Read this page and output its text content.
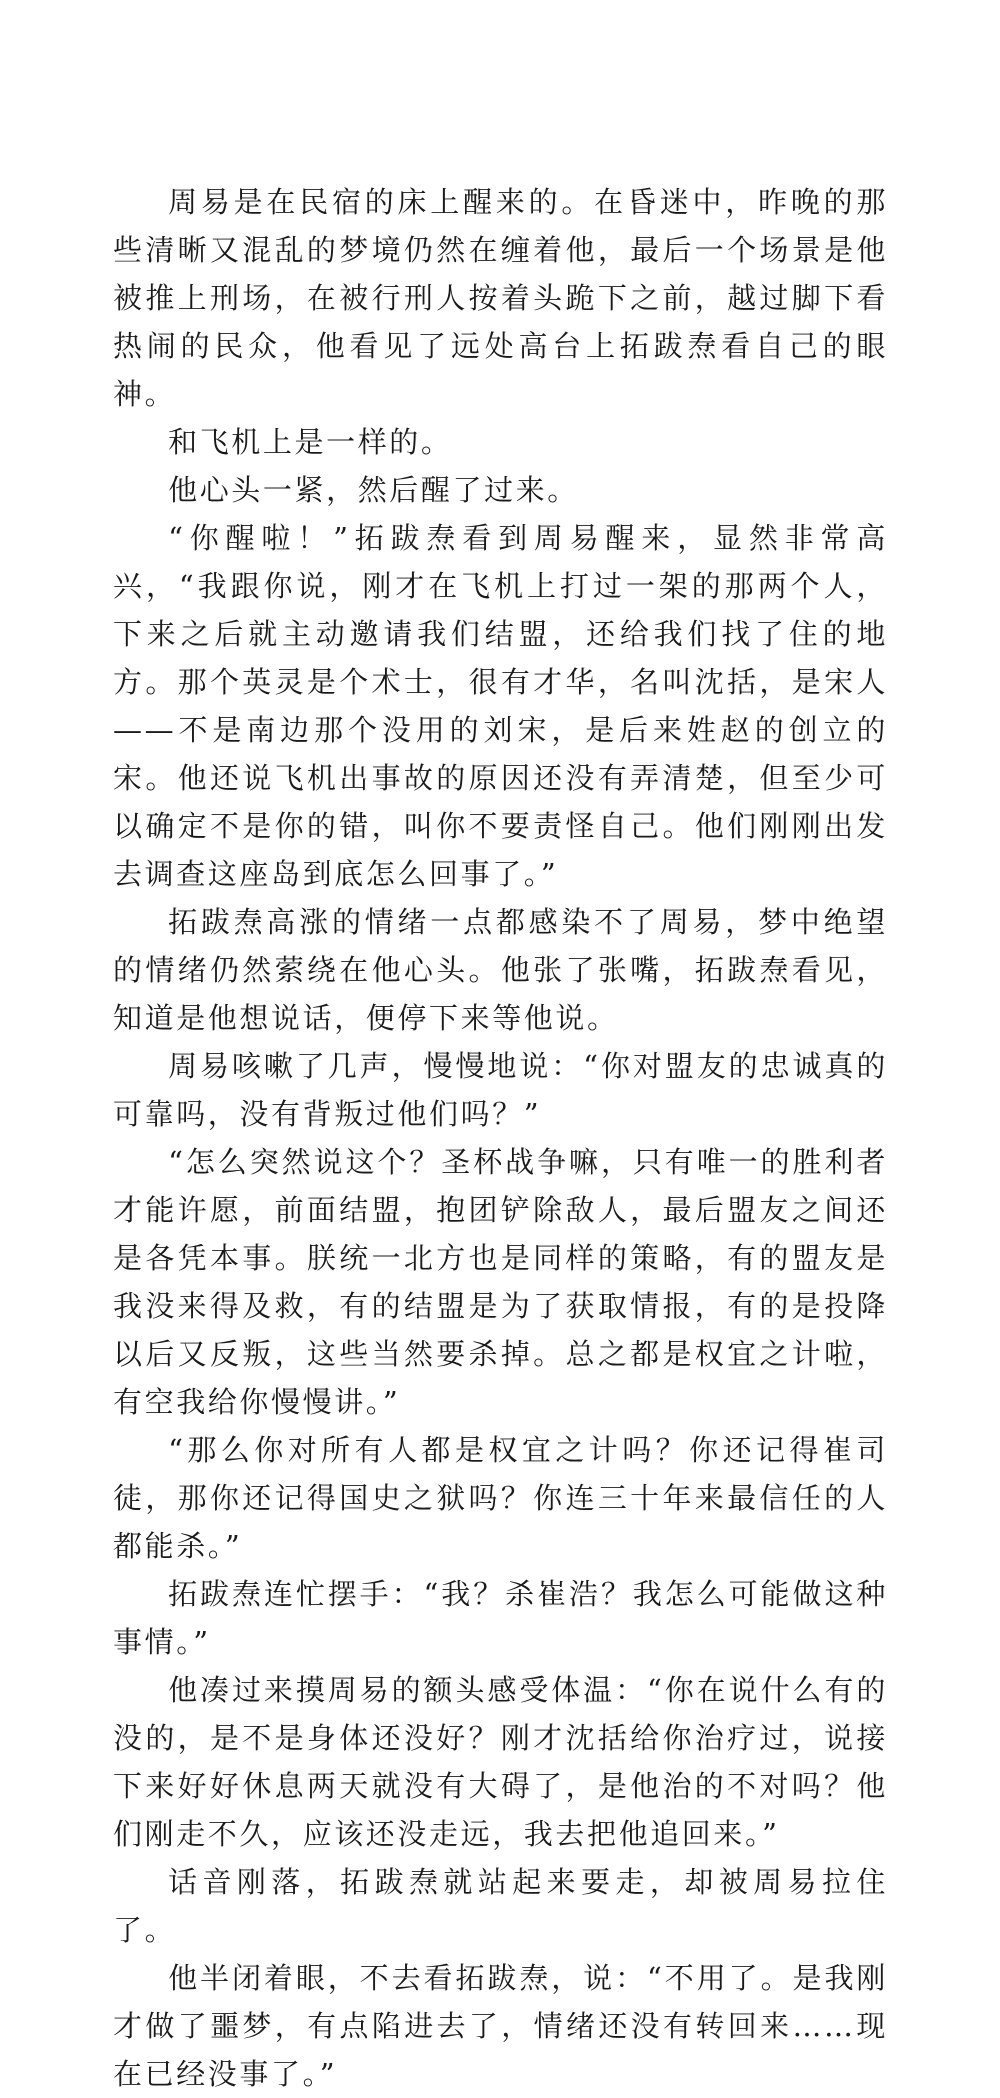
周易是在民宿的床上醒来的。在昏迷中，昨晚的那些清晰又混乱的梦境仍然在缠着他，最后一个场景是他被推上刑场，在被行刑人按着头跪下之前，越过脚下看热闹的民众，他看见了远处高台上拓跋焘看自己的眼神。

和飞机上是一样的。

他心头一紧，然后醒了过来。

“你醒啦！”拓跋焘看到周易醒来，显然非常高兴，“我跟你说，刚才在飞机上打过一架的那两个人，下来之后就主动邀请我们结盟，还给我们找了住的地方。那个英灵是个术士，很有才华，名叫沈括，是宋人——不是南边那个没用的刘宋，是后来姓赵的创立的宋。他还说飞机出事故的原因还没有弄清楚，但至少可以确定不是你的错，叫你不要责怪自己。他们刚刚出发去调查这座岛到底怎么回事了。”

拓跋焘高涨的情绪一点都感染不了周易，梦中绝望的情绪仍然萦绕在他心头。他张了张嘴，拓跋焘看见，知道是他想说话，便停下来等他说。

周易咳嗽了几声，慢慢地说：“你对盟友的忠诚真的可靠吗，没有背叛过他们吗？”

“怎么突然说这个？圣杯战争嘛，只有唯一的胜利者才能许愿，前面结盟，抱团铲除敌人，最后盟友之间还是各凭本事。朕统一北方也是同样的策略，有的盟友是我没来得及救，有的结盟是为了获取情报，有的是投降以后又反叛，这些当然要杀掉。总之都是权宜之计啦，有空我给你慢慢讲。”

“那么你对所有人都是权宜之计吗？你还记得崔司徒，那你还记得国史之狱吗？你连三十年来最信任的人都能杀。”

拓跋焘连忙摆手：“我？杀崔浩？我怎么可能做这种事情。”

他凑过来摸周易的额头感受体温：“你在说什么有的没的，是不是身体还没好？刚才沈括给你治疗过，说接下来好好休息两天就没有大碍了，是他治的不对吗？他们刚走不久，应该还没走远，我去把他追回来。”

话音刚落，拓跋焘就站起来要走，却被周易拉住了。

他半闭着眼，不去看拓跋焘，说：“不用了。是我刚才做了噩梦，有点陷进去了，情绪还没有转回来……现在已经没事了。”
